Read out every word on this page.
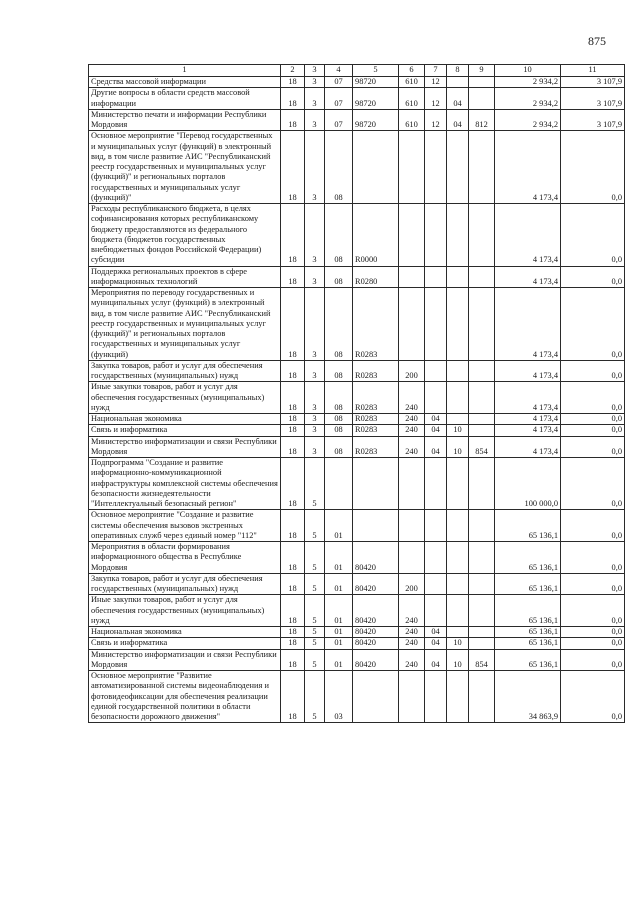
875
1	2	3	4	5	6	7	8	9	10	11
Средства массовой информации	18	3	07	98720	610	12			2 934,2	3 107,9
Другие вопросы в области средств массовой информации	18	3	07	98720	610	12	04		2 934,2	3 107,9
Министерство печати и информации Республики Мордовия	18	3	07	98720	610	12	04	812	2 934,2	3 107,9
Основное мероприятие "Перевод государственных и муниципальных услуг (функций) в электронный вид, в том числе развитие АИС "Республиканский реестр государственных и муниципальных услуг (функций)" и региональных порталов государственных и муниципальных услуг (функций)"	18	3	08						4 173,4	0,0
Расходы республиканского бюджета, в целях софинансирования которых республиканскому бюджету предоставляются из федерального бюджета (бюджетов государственных внебюджетных фондов Российской Федерации) субсидии	18	3	08	R0000					4 173,4	0,0
Поддержка региональных проектов в сфере информационных технологий	18	3	08	R0280					4 173,4	0,0
Мероприятия по переводу государственных и муниципальных услуг (функций) в электронный вид, в том числе развитие АИС "Республиканский реестр государственных и муниципальных услуг (функций)" и региональных порталов государственных и муниципальных услуг (функций)	18	3	08	R0283					4 173,4	0,0
Закупка товаров, работ и услуг для обеспечения государственных (муниципальных) нужд	18	3	08	R0283	200				4 173,4	0,0
Иные закупки товаров, работ и услуг для обеспечения государственных (муниципальных) нужд	18	3	08	R0283	240				4 173,4	0,0
Национальная экономика	18	3	08	R0283	240	04			4 173,4	0,0
Связь и информатика	18	3	08	R0283	240	04	10		4 173,4	0,0
Министерство информатизации и связи Республики Мордовия	18	3	08	R0283	240	04	10	854	4 173,4	0,0
Подпрограмма "Создание и развитие информационно-коммуникационной инфраструктуры комплексной системы обеспечения безопасности жизнедеятельности "Интеллектуальный безопасный регион"	18	5							100 000,0	0,0
Основное мероприятие "Создание и развитие системы обеспечения вызовов экстренных оперативных служб через единый номер "112"	18	5	01						65 136,1	0,0
Мероприятия в области формирования информационного общества в Республике Мордовия	18	5	01	80420					65 136,1	0,0
Закупка товаров, работ и услуг для обеспечения государственных (муниципальных) нужд	18	5	01	80420	200				65 136,1	0,0
Иные закупки товаров, работ и услуг для обеспечения государственных (муниципальных) нужд	18	5	01	80420	240				65 136,1	0,0
Национальная экономика	18	5	01	80420	240	04			65 136,1	0,0
Связь и информатика	18	5	01	80420	240	04	10		65 136,1	0,0
Министерство информатизации и связи Республики Мордовия	18	5	01	80420	240	04	10	854	65 136,1	0,0
Основное мероприятие "Развитие автоматизированной системы видеонаблюдения и фотовидеофиксации для обеспечения реализации единой государственной политики в области безопасности дорожного движения"	18	5	03						34 863,9	0,0
